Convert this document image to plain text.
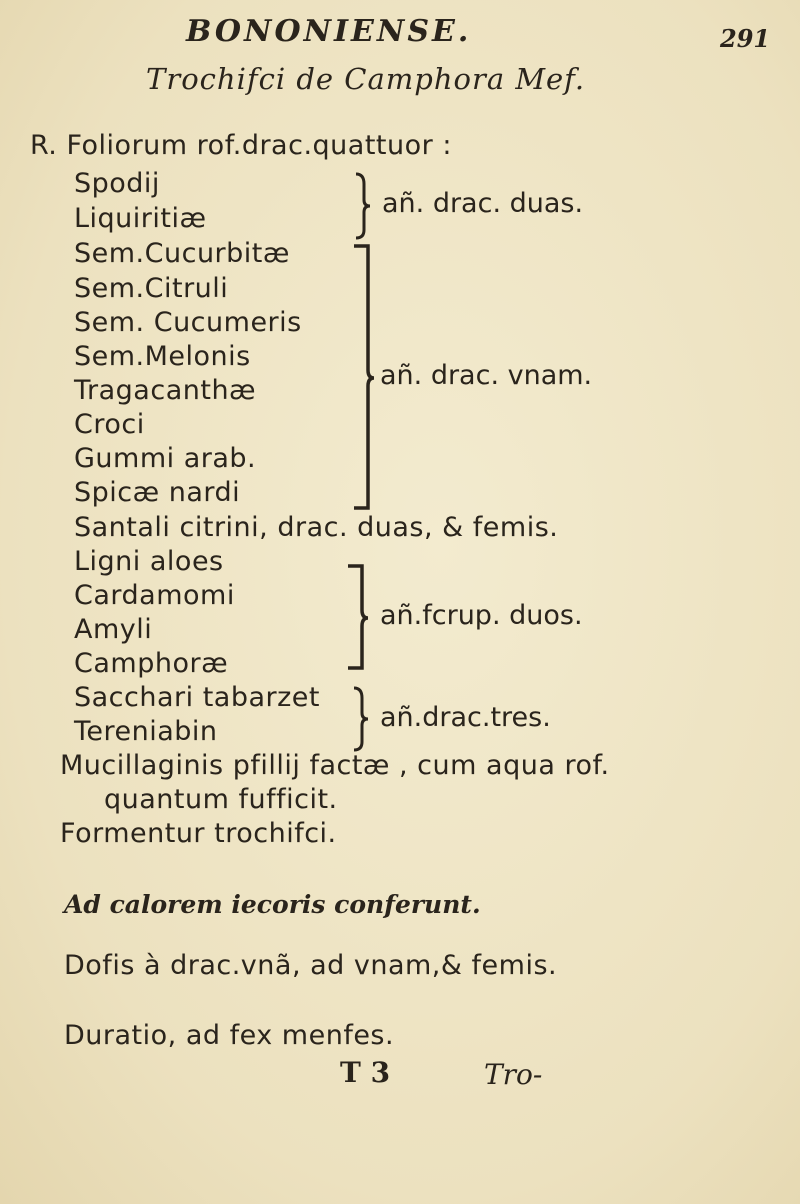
BONONIENSE.	291
Trochifci de Camphora Mef.
R. Foliorum rof.drac.quattuor :
Spodij
Liquiritiæ	añ. drac. duas.
Sem.Cucurbitæ
Sem.Citruli
Sem. Cucumeris
Sem.Melonis
Tragacanthæ
Croci
Gummi arab.
Spicæ nardi
añ. drac. vnam.
Santali citrini, drac. duas, & femis.
Ligni aloes
Cardamomi
Amyli
Camphoræ
añ.fcrup. duos.
Sacchari tabarzet
Tereniabin	añ.drac.tres.
Mucillaginis pfillij factæ , cum aqua rof.
quantum fufficit.
Formentur trochifci.
Ad calorem iecoris conferunt.
Dofis à drac.vnã, ad vnam,& femis.
Duratio, ad fex menfes.
T 3	Tro-
